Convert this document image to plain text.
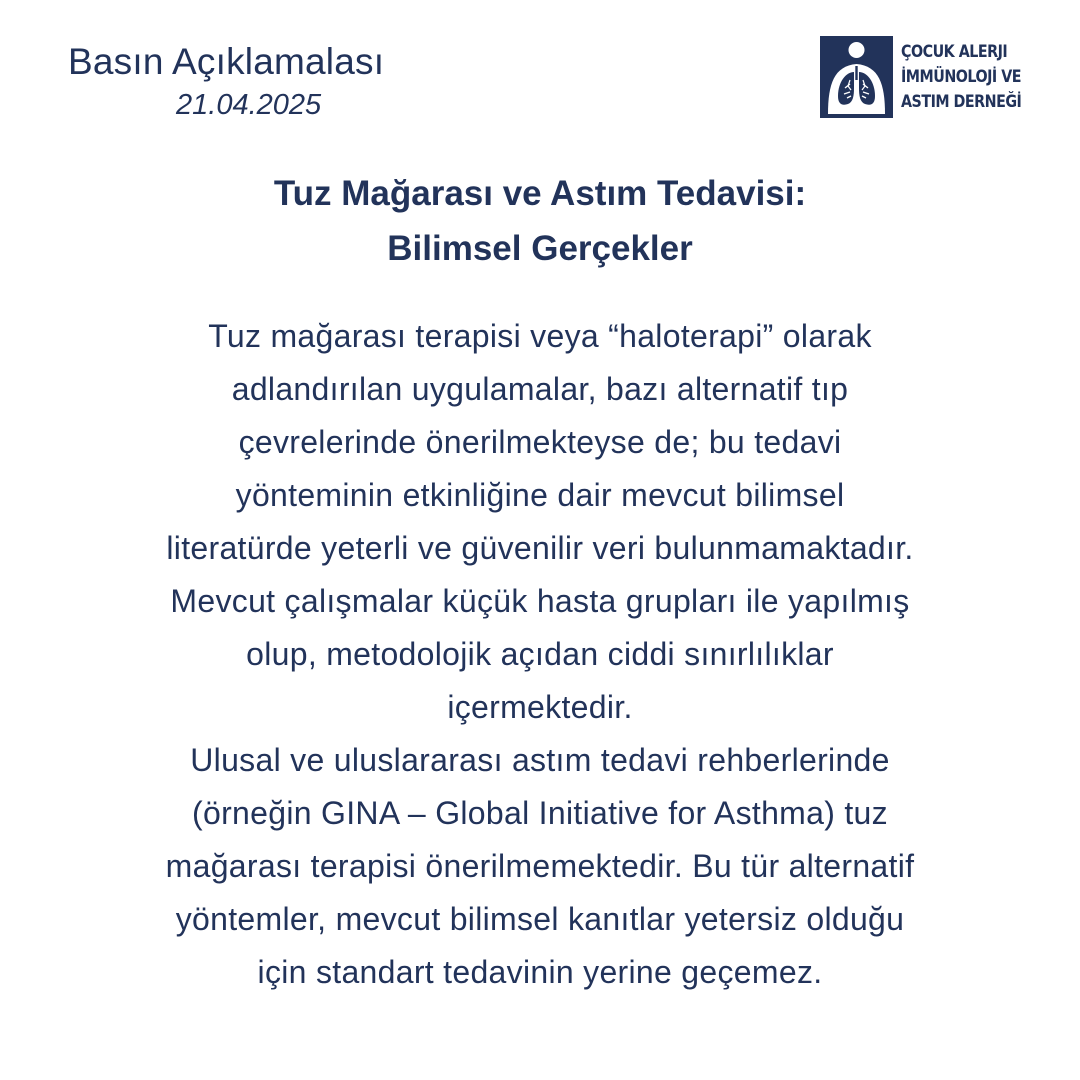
Basın Açıklamalası

21.04.2025

ÇOCUK ALERJI
İMMÜNOLOJİ VE
ASTIM DERNEĞİ
Tuz Mağarası ve Astım Tedavisi:
Bilimsel Gerçekler
Tuz mağarası terapisi veya “haloterapi” olarak
adlandırılan uygulamalar, bazı alternatif tıp
çevrelerinde önerilmekteyse de; bu tedavi
yönteminin etkinliğine dair mevcut bilimsel
literatürde yeterli ve güvenilir veri bulunmamaktadır.
Mevcut çalışmalar küçük hasta grupları ile yapılmış
olup, metodolojik açıdan ciddi sınırlılıklar
içermektedir.
Ulusal ve uluslararası astım tedavi rehberlerinde
(örneğin GINA – Global Initiative for Asthma) tuz
mağarası terapisi önerilmemektedir. Bu tür alternatif
yöntemler, mevcut bilimsel kanıtlar yetersiz olduğu
için standart tedavinin yerine geçemez.
